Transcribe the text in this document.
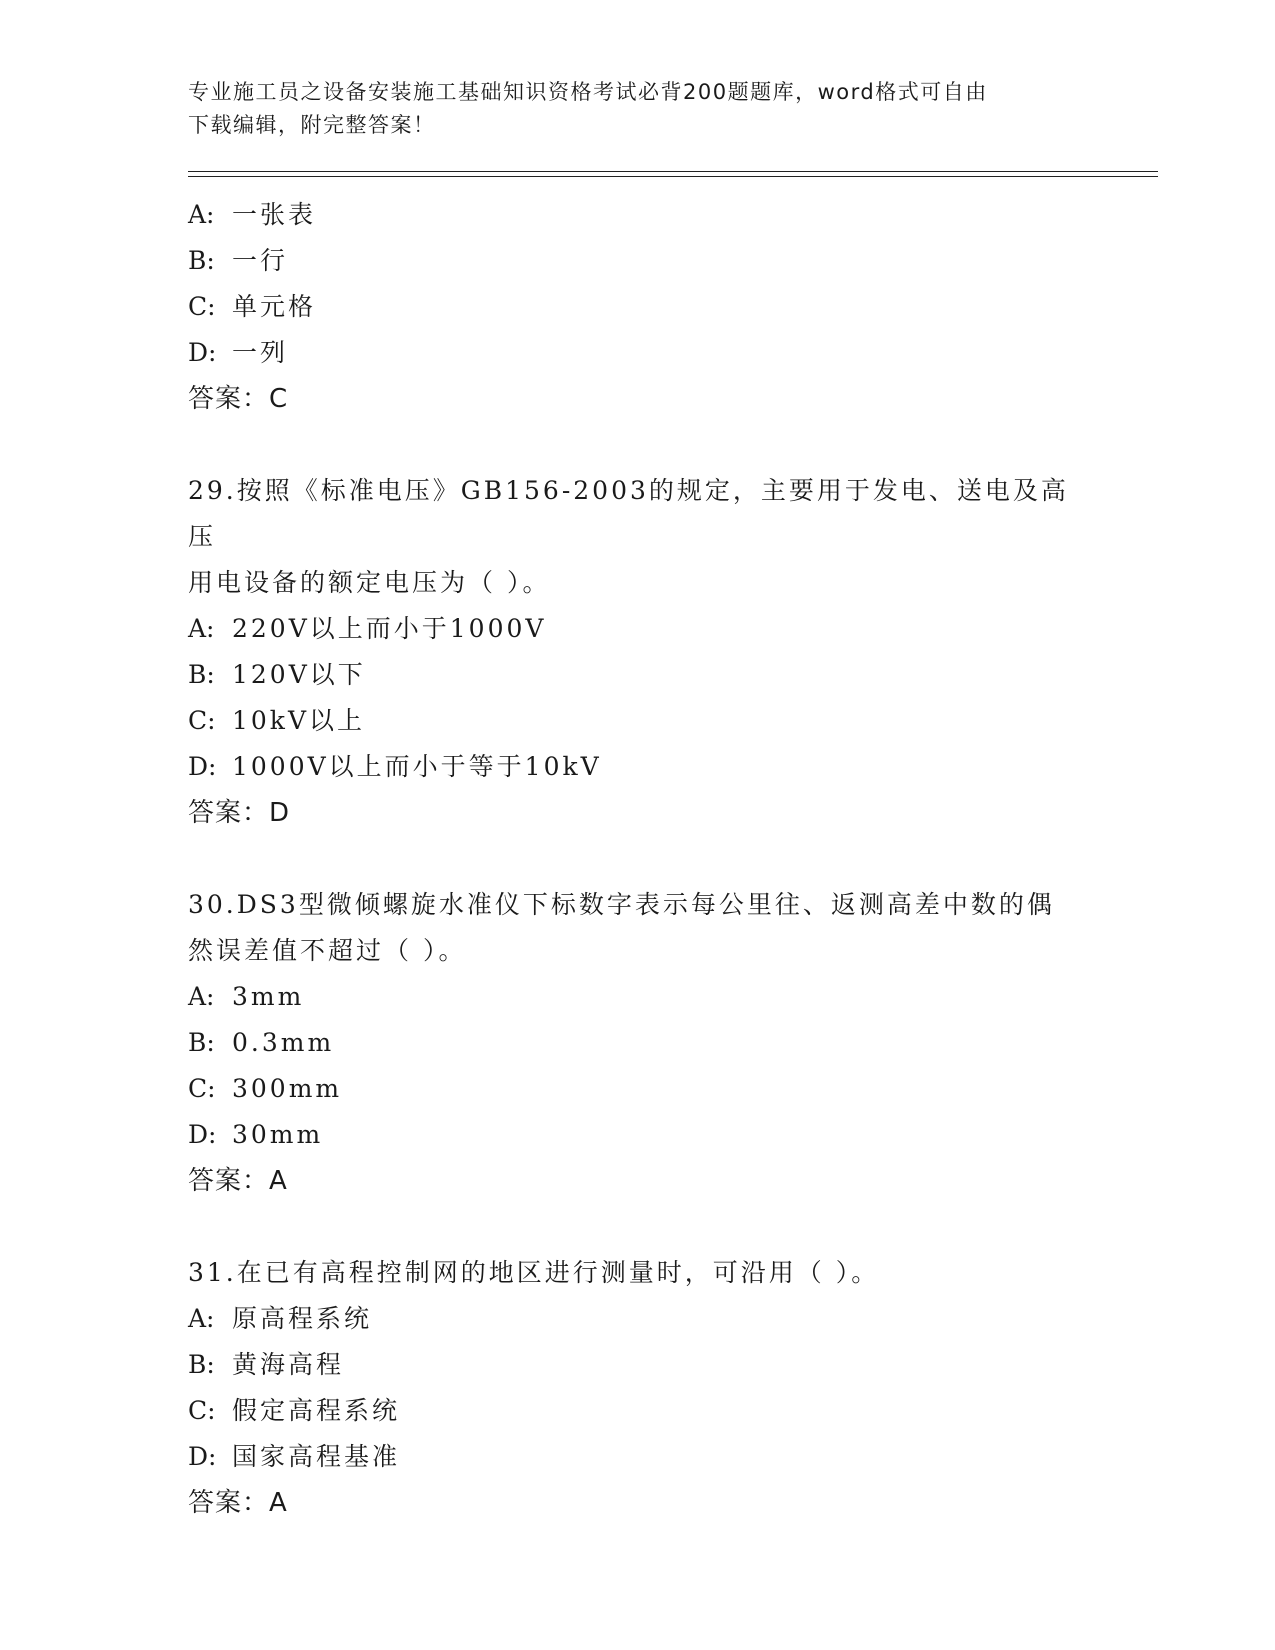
专业施工员之设备安装施工基础知识资格考试必背200题题库，word格式可自由
下载编辑，附完整答案！
A: 一张表
B: 一行
C: 单元格
D: 一列
答案：C
29.按照《标准电压》GB156-2003的规定，主要用于发电、送电及高压
用电设备的额定电压为（ ）。
A: 220V以上而小于1000V
B: 120V以下
C: 10kV以上
D: 1000V以上而小于等于10kV
答案：D
30.DS3型微倾螺旋水准仪下标数字表示每公里往、返测高差中数的偶
然误差值不超过（ ）。
A: 3mm
B: 0.3mm
C: 300mm
D: 30mm
答案：A
31.在已有高程控制网的地区进行测量时，可沿用（ ）。
A: 原高程系统
B: 黄海高程
C: 假定高程系统
D: 国家高程基准
答案：A
